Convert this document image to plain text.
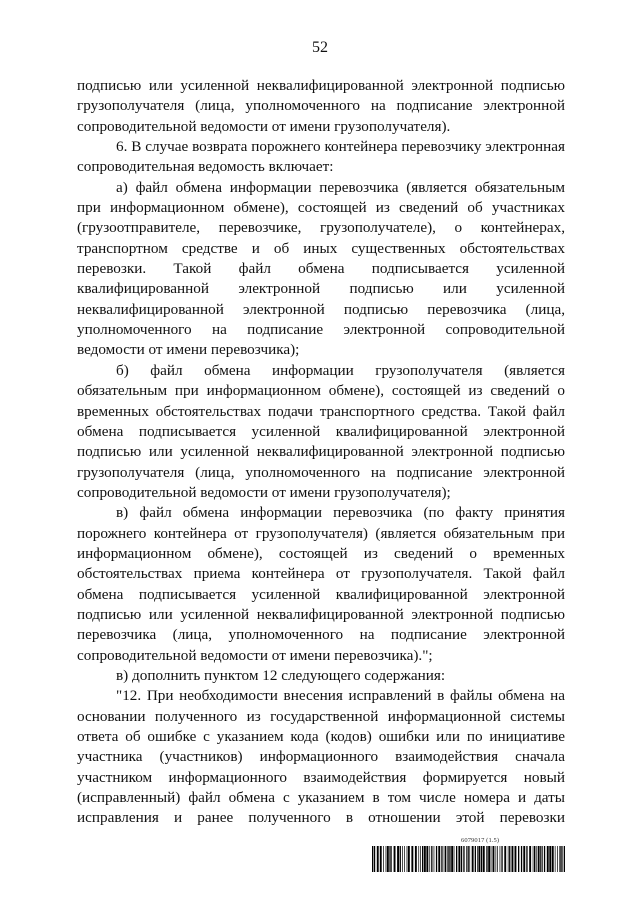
52

подписью или усиленной неквалифицированной электронной подписью грузополучателя (лица, уполномоченного на подписание электронной сопроводительной ведомости от имени грузополучателя).

6. В случае возврата порожнего контейнера перевозчику электронная сопроводительная ведомость включает:

а) файл обмена информации перевозчика (является обязательным при информационном обмене), состоящей из сведений об участниках (грузоотправителе, перевозчике, грузополучателе), о контейнерах, транспортном средстве и об иных существенных обстоятельствах перевозки. Такой файл обмена подписывается усиленной квалифицированной электронной подписью или усиленной неквалифицированной электронной подписью перевозчика (лица, уполномоченного на подписание электронной сопроводительной ведомости от имени перевозчика);

б) файл обмена информации грузополучателя (является обязательным при информационном обмене), состоящей из сведений о временных обстоятельствах подачи транспортного средства. Такой файл обмена подписывается усиленной квалифицированной электронной подписью или усиленной неквалифицированной электронной подписью грузополучателя (лица, уполномоченного на подписание электронной сопроводительной ведомости от имени грузополучателя);

в) файл обмена информации перевозчика (по факту принятия порожнего контейнера от грузополучателя) (является обязательным при информационном обмене), состоящей из сведений о временных обстоятельствах приема контейнера от грузополучателя. Такой файл обмена подписывается усиленной квалифицированной электронной подписью или усиленной неквалифицированной электронной подписью перевозчика (лица, уполномоченного на подписание электронной сопроводительной ведомости от имени перевозчика).";

в) дополнить пунктом 12 следующего содержания:

"12. При необходимости внесения исправлений в файлы обмена на основании полученного из государственной информационной системы ответа об ошибке с указанием кода (кодов) ошибки или по инициативе участника (участников) информационного взаимодействия сначала участником информационного взаимодействия формируется новый (исправленный) файл обмена с указанием в том числе номера и даты исправления и ранее полученного в отношении этой перевозки

6079017 (1.5)
